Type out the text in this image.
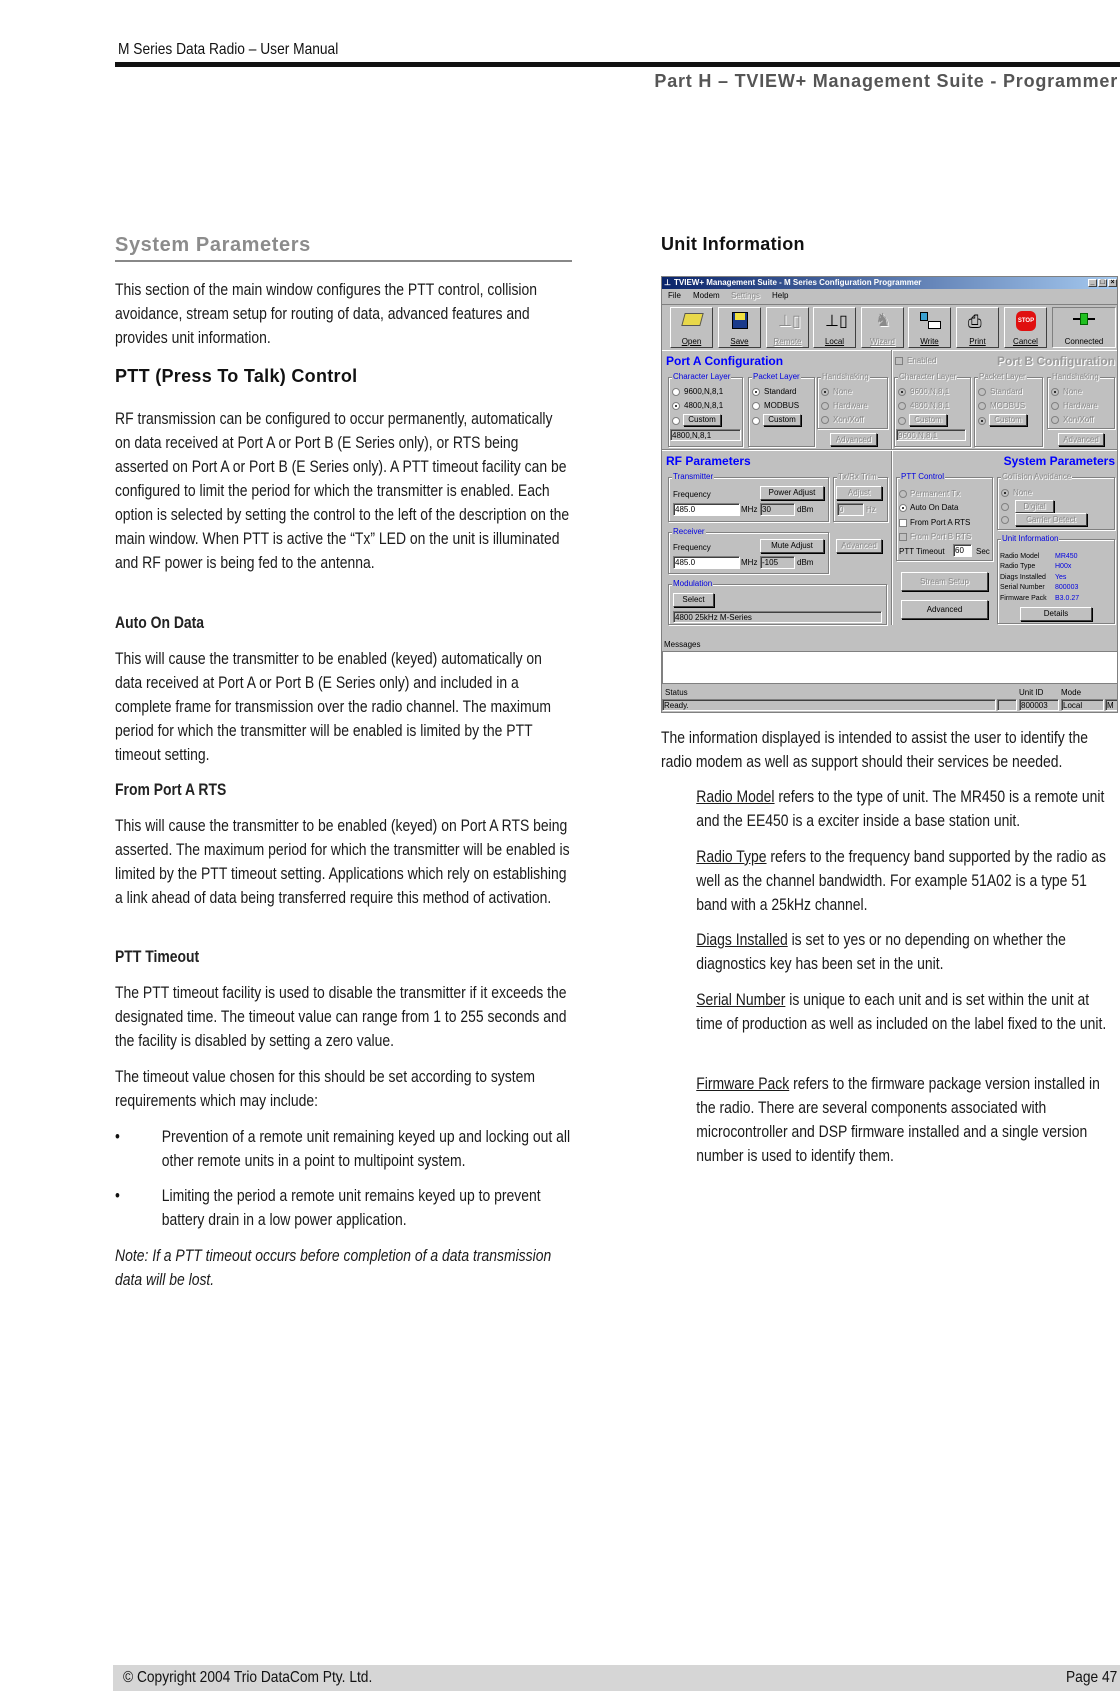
M Series Data Radio – User Manual
Part H – TVIEW+ Management Suite - Programmer
System Parameters
PTT (Press To Talk) Control

This section of the main window configures the PTT control, collision avoidance, stream setup for routing of data, advanced features and provides unit information.

RF transmission can be configured to occur permanently, automatically on data received at Port A or Port B (E Series only), or RTS being asserted on Port A or Port B (E Series only). A PTT timeout facility can be configured to limit the period for which the transmitter is enabled. Each option is selected by setting the control to the left of the description on the main window. When PTT is active the “Tx” LED on the unit is illuminated and RF power is being fed to the antenna.

Auto On Data

This will cause the transmitter to be enabled (keyed) automatically on data received at Port A or Port B (E Series only) and included in a complete frame for transmission over the radio channel. The maximum period for which the transmitter will be enabled is limited by the PTT timeout setting.

From Port A RTS

This will cause the transmitter to be enabled (keyed) on Port A RTS being asserted. The maximum period for which the transmitter will be enabled is limited by the PTT timeout setting. Applications which rely on establishing a link ahead of data being transferred require this method of activation.

PTT Timeout

The PTT timeout facility is used to disable the transmitter if it exceeds the designated time. The timeout value can range from 1 to 255 seconds and the facility is disabled by setting a zero value.

The timeout value chosen for this should be set according to system requirements which may include:

• Prevention of a remote unit remaining keyed up and locking out all other remote units in a point to multipoint system.

• Limiting the period a remote unit remains keyed up to prevent battery drain in a low power application.

Note: If a PTT timeout occurs before completion of a data transmission data will be lost.

Unit Information

The information displayed is intended to assist the user to identify the radio modem as well as support should their services be needed.

Radio Model refers to the type of unit. The MR450 is a remote unit and the EE450 is a exciter inside a base station unit.

Radio Type refers to the frequency band supported by the radio as well as the channel bandwidth. For example 51A02 is a type 51 band with a 25kHz channel.

Diags Installed is set to yes or no depending on whether the diagnostics key has been set in the unit.

Serial Number is unique to each unit and is set within the unit at time of production as well as included on the label fixed to the unit.

Firmware Pack refers to the firmware package version installed in the radio. There are several components associated with microcontroller and DSP firmware installed and a single version number is used to identify them.

⊥ TVIEW+ Management Suite - M Series Configuration Programmer	_ □ ×
File Modem Settings Help
Open	Save
⊥▯
Remote
⊥▯
Local
♞
Wizard	Write
⎙
Print
STOP
Cancel	Connected
Port A Configuration
Character Layer
9600,N,8,1
4800,N,8,1
Custom
4800,N,8,1
Packet Layer
Standard
MODBUS
Custom
Handshaking
None
Hardware
Xon/Xoff
Advanced
Enabled	Port B Configuration
Character Layer
9600,N,8,1
4800,N,8,1
Custom
9600,N,8,1
Packet Layer
Standard
MODBUS
Custom
Handshaking
None
Hardware
Xon/Xoff
Advanced
RF Parameters
Transmitter
Frequency	Power Adjust
485.0	MHz 30	dBm
Tx/Rx Trim
Adjust
0	Hz
Receiver
Frequency	Mute Adjust
485.0	MHz -105	dBm
Advanced
Modulation
Select
4800 25kHz M-Series
System Parameters
PTT Control
Permanent Tx
Auto On Data
From Port A RTS
From Port B RTS
PTT Timeout 60	Sec
Stream Setup
Advanced
Collision Avoidance
None
Digital
Carrier Detect
Unit Information
Radio Model MR450
Radio Type	H00x
Diags Installed Yes
Serial Number 800003
Firmware Pack B3.0.27
Details
Messages
Status	Unit ID Mode
Ready.	800003	Local	M
© Copyright 2004 Trio DataCom Pty. Ltd.	Page 47
